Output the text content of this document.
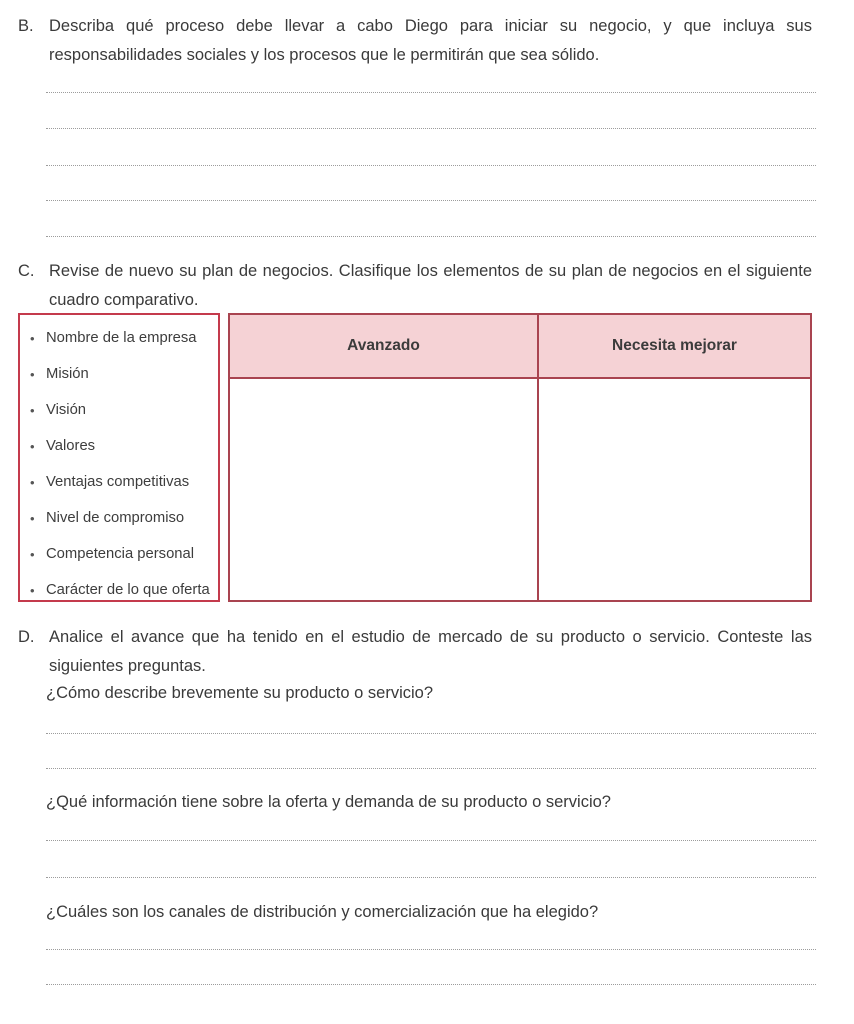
B. Describa qué proceso debe llevar a cabo Diego para iniciar su negocio, y que incluya sus responsabilidades sociales y los procesos que le permitirán que sea sólido.

C. Revise de nuevo su plan de negocios. Clasifique los elementos de su plan de negocios en el siguiente cuadro comparativo.

• Nombre de la empresa
• Misión
• Visión
• Valores
• Ventajas competitivas
• Nivel de compromiso
• Competencia personal
• Carácter de lo que oferta
Avanzado	Necesita mejorar
D. Analice el avance que ha tenido en el estudio de mercado de su producto o servicio. Conteste las siguientes preguntas.

¿Cómo describe brevemente su producto o servicio?

¿Qué información tiene sobre la oferta y demanda de su producto o servicio?

¿Cuáles son los canales de distribución y comercialización que ha elegido?
